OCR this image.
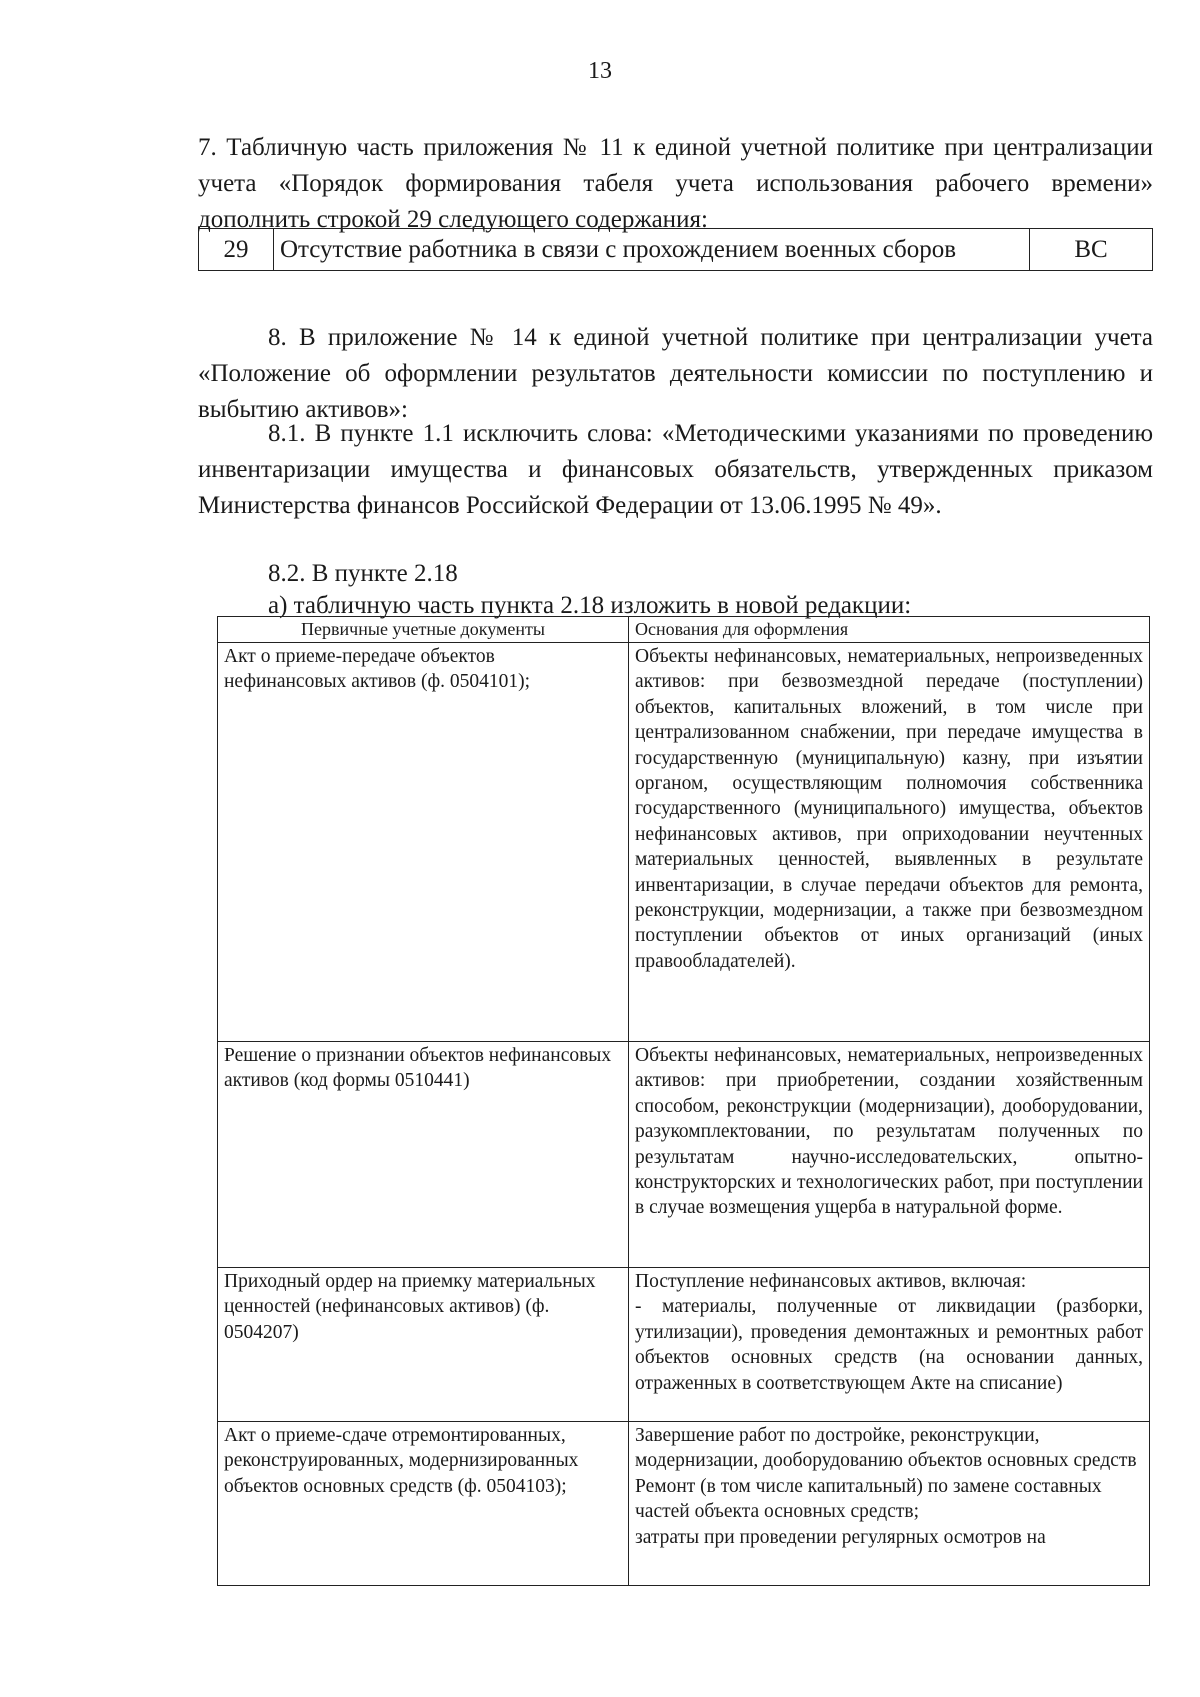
13

7. Табличную часть приложения № 11 к единой учетной политике при централизации учета «Порядок формирования табеля учета использования рабочего времени» дополнить строкой 29 следующего содержания:

29	Отсутствие работника в связи с прохождением военных сборов	ВС

8. В приложение № 14 к единой учетной политике при централизации учета «Положение об оформлении результатов деятельности комиссии по поступлению и выбытию активов»:

8.1. В пункте 1.1 исключить слова: «Методическими указаниями по проведению инвентаризации имущества и финансовых обязательств, утвержденных приказом Министерства финансов Российской Федерации от 13.06.1995 № 49».

8.2. В пункте 2.18

а) табличную часть пункта 2.18 изложить в новой редакции:

Первичные учетные документы	Основания для оформления
Акт о приеме-передаче объектов нефинансовых активов (ф. 0504101);	Объекты нефинансовых, нематериальных, непроизведенных активов: при безвозмездной передаче (поступлении) объектов, капитальных вложений, в том числе при централизованном снабжении, при передаче имущества в государственную (муниципальную) казну, при изъятии органом, осуществляющим полномочия собственника государственного (муниципального) имущества, объектов нефинансовых активов, при оприходовании неучтенных материальных ценностей, выявленных в результате инвентаризации, в случае передачи объектов для ремонта, реконструкции, модернизации, а также при безвозмездном поступлении объектов от иных организаций (иных правообладателей).
Решение о признании объектов нефинансовых активов (код формы 0510441)	Объекты нефинансовых, нематериальных, непроизведенных активов: при приобретении, создании хозяйственным способом, реконструкции (модернизации), дооборудовании, разукомплектовании, по результатам полученных по результатам научно-исследовательских, опытно-конструкторских и технологических работ, при поступлении в случае возмещения ущерба в натуральной форме.
Приходный ордер на приемку материальных ценностей (нефинансовых активов) (ф. 0504207)	Поступление нефинансовых активов, включая:
- материалы, полученные от ликвидации (разборки, утилизации), проведения демонтажных и ремонтных работ объектов основных средств (на основании данных, отраженных в соответствующем Акте на списание)

Акт о приеме-сдаче отремонтированных, реконструированных, модернизированных объектов основных средств (ф. 0504103);	Завершение работ по достройке, реконструкции, модернизации, дооборудованию объектов основных средств
Ремонт (в том числе капитальный) по замене составных частей объекта основных средств;
затраты при проведении регулярных осмотров на
